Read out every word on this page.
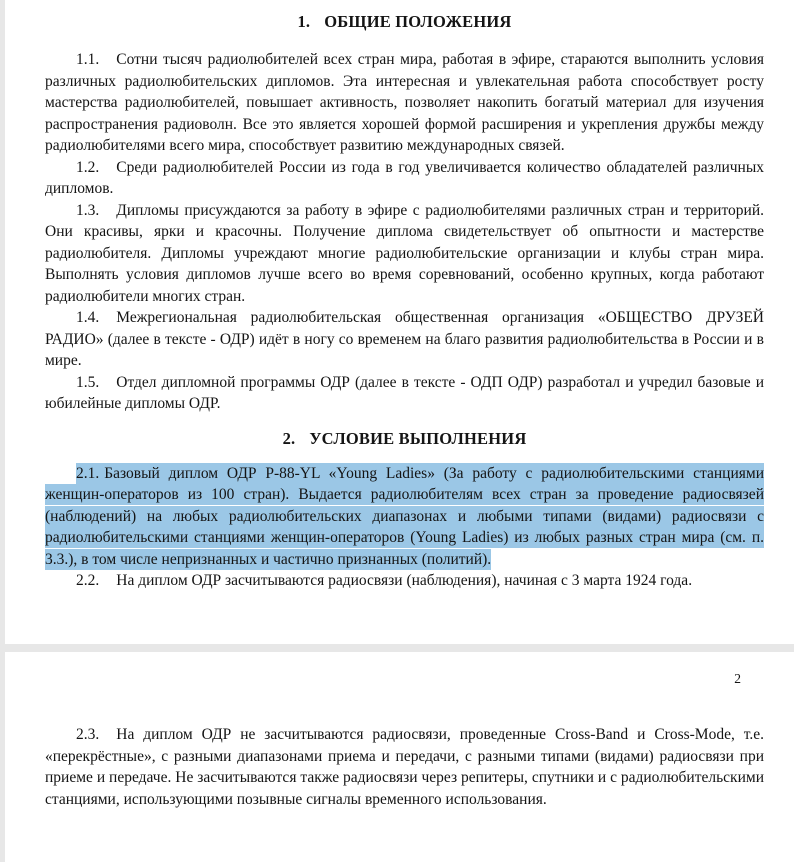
1. ОБЩИЕ ПОЛОЖЕНИЯ

1.1. Сотни тысяч радиолюбителей всех стран мира, работая в эфире, стараются выполнить условия различных радиолюбительских дипломов. Эта интересная и увлекательная работа способствует росту мастерства радиолюбителей, повышает активность, позволяет накопить богатый материал для изучения распространения радиоволн. Все это является хорошей формой расширения и укрепления дружбы между радиолюбителями всего мира, способствует развитию международных связей.

1.2. Среди радиолюбителей России из года в год увеличивается количество обладателей различных дипломов.

1.3. Дипломы присуждаются за работу в эфире с радиолюбителями различных стран и территорий. Они красивы, ярки и красочны. Получение диплома свидетельствует об опытности и мастерстве радиолюбителя. Дипломы учреждают многие радиолюбительские организации и клубы стран мира. Выполнять условия дипломов лучше всего во время соревнований, особенно крупных, когда работают радиолюбители многих стран.

1.4. Межрегиональная радиолюбительская общественная организация «ОБЩЕСТВО ДРУЗЕЙ РАДИО» (далее в тексте - ОДР) идёт в ногу со временем на благо развития радиолюбительства в России и в мире.

1.5. Отдел дипломной программы ОДР (далее в тексте - ОДП ОДР) разработал и учредил базовые и юбилейные дипломы ОДР.

2. УСЛОВИЕ ВЫПОЛНЕНИЯ

2.1. Базовый диплом ОДР Р-88-YL «Young Ladies» (За работу с радиолюбительскими станциями женщин-операторов из 100 стран). Выдается радиолюбителям всех стран за проведение радиосвязей (наблюдений) на любых радиолюбительских диапазонах и любыми типами (видами) радиосвязи с радиолюбительскими станциями женщин-операторов (Young Ladies) из любых разных стран мира (см. п. 3.3.), в том числе непризнанных и частично признанных (политий).

2.2. На диплом ОДР засчитываются радиосвязи (наблюдения), начиная с 3 марта 1924 года.

2

2.3. На диплом ОДР не засчитываются радиосвязи, проведенные Cross-Band и Cross-Mode, т.е. «перекрёстные», с разными диапазонами приема и передачи, с разными типами (видами) радиосвязи при приеме и передаче. Не засчитываются также радиосвязи через репитеры, спутники и с радиолюбительскими станциями, использующими позывные сигналы временного использования.
